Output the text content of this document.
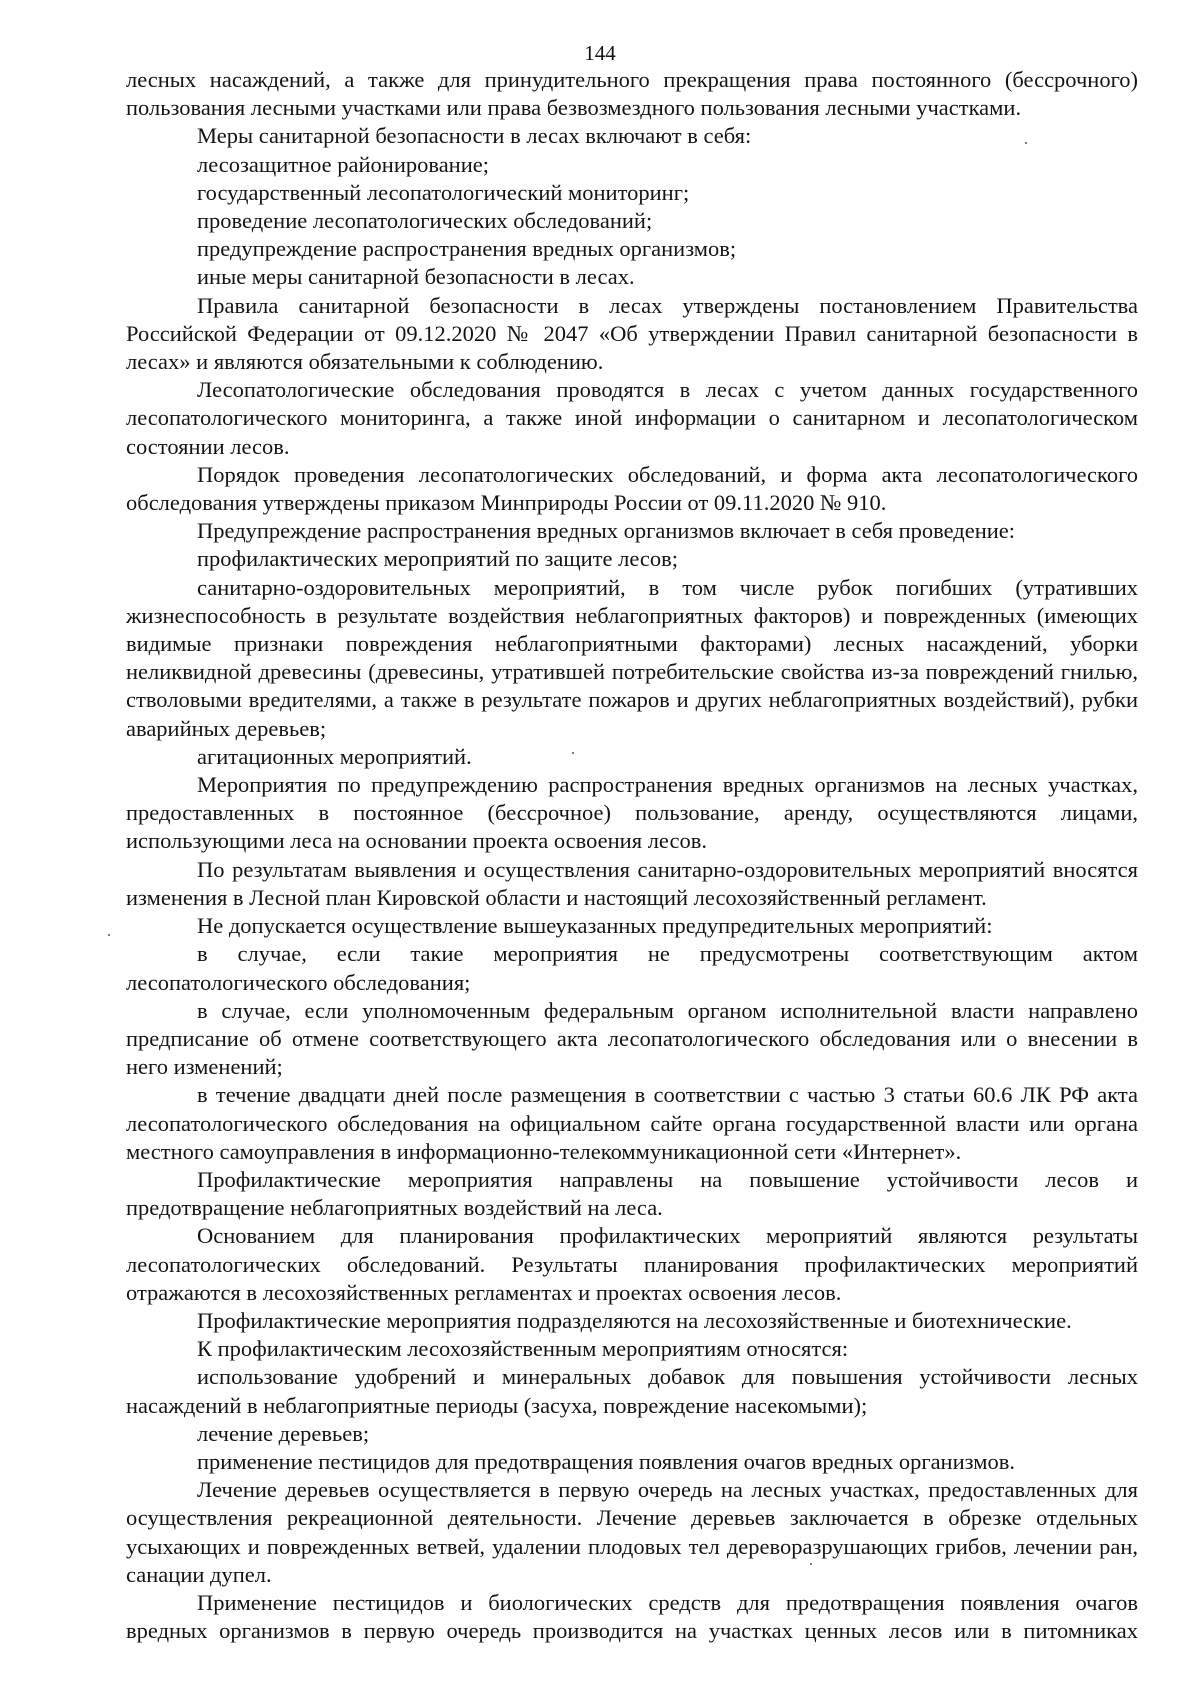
144

лесных насаждений, а также для принудительного прекращения права постоянного (бессрочного) пользования лесными участками или права безвозмездного пользования лесными участками.

Меры санитарной безопасности в лесах включают в себя:

лесозащитное районирование;

государственный лесопатологический мониторинг;

проведение лесопатологических обследований;

предупреждение распространения вредных организмов;

иные меры санитарной безопасности в лесах.

Правила санитарной безопасности в лесах утверждены постановлением Правительства Российской Федерации от 09.12.2020 № 2047 «Об утверждении Правил санитарной безопасности в лесах» и являются обязательными к соблюдению.

Лесопатологические обследования проводятся в лесах с учетом данных государственного лесопатологического мониторинга, а также иной информации о санитарном и лесопатологическом состоянии лесов.

Порядок проведения лесопатологических обследований, и форма акта лесопатологического обследования утверждены приказом Минприроды России от 09.11.2020 № 910.

Предупреждение распространения вредных организмов включает в себя проведение:

профилактических мероприятий по защите лесов;

санитарно-оздоровительных мероприятий, в том числе рубок погибших (утративших жизнеспособность в результате воздействия неблагоприятных факторов) и поврежденных (имеющих видимые признаки повреждения неблагоприятными факторами) лесных насаждений, уборки неликвидной древесины (древесины, утратившей потребительские свойства из-за повреждений гнилью, стволовыми вредителями, а также в результате пожаров и других неблагоприятных воздействий), рубки аварийных деревьев;

агитационных мероприятий.

Мероприятия по предупреждению распространения вредных организмов на лесных участках, предоставленных в постоянное (бессрочное) пользование, аренду, осуществляются лицами, использующими леса на основании проекта освоения лесов.

По результатам выявления и осуществления санитарно-оздоровительных мероприятий вносятся изменения в Лесной план Кировской области и настоящий лесохозяйственный регламент.

Не допускается осуществление вышеуказанных предупредительных мероприятий:

в случае, если такие мероприятия не предусмотрены соответствующим актом лесопатологического обследования;

в случае, если уполномоченным федеральным органом исполнительной власти направлено предписание об отмене соответствующего акта лесопатологического обследования или о внесении в него изменений;

в течение двадцати дней после размещения в соответствии с частью 3 статьи 60.6 ЛК РФ акта лесопатологического обследования на официальном сайте органа государственной власти или органа местного самоуправления в информационно-телекоммуникационной сети «Интернет».

Профилактические мероприятия направлены на повышение устойчивости лесов и предотвращение неблагоприятных воздействий на леса.

Основанием для планирования профилактических мероприятий являются результаты лесопатологических обследований. Результаты планирования профилактических мероприятий отражаются в лесохозяйственных регламентах и проектах освоения лесов.

Профилактические мероприятия подразделяются на лесохозяйственные и биотехнические.

К профилактическим лесохозяйственным мероприятиям относятся:

использование удобрений и минеральных добавок для повышения устойчивости лесных насаждений в неблагоприятные периоды (засуха, повреждение насекомыми);

лечение деревьев;

применение пестицидов для предотвращения появления очагов вредных организмов.

Лечение деревьев осуществляется в первую очередь на лесных участках, предоставленных для осуществления рекреационной деятельности. Лечение деревьев заключается в обрезке отдельных усыхающих и поврежденных ветвей, удалении плодовых тел дереворазрушающих грибов, лечении ран, санации дупел.

Применение пестицидов и биологических средств для предотвращения появления очагов вредных организмов в первую очередь производится на участках ценных лесов или в питомниках
